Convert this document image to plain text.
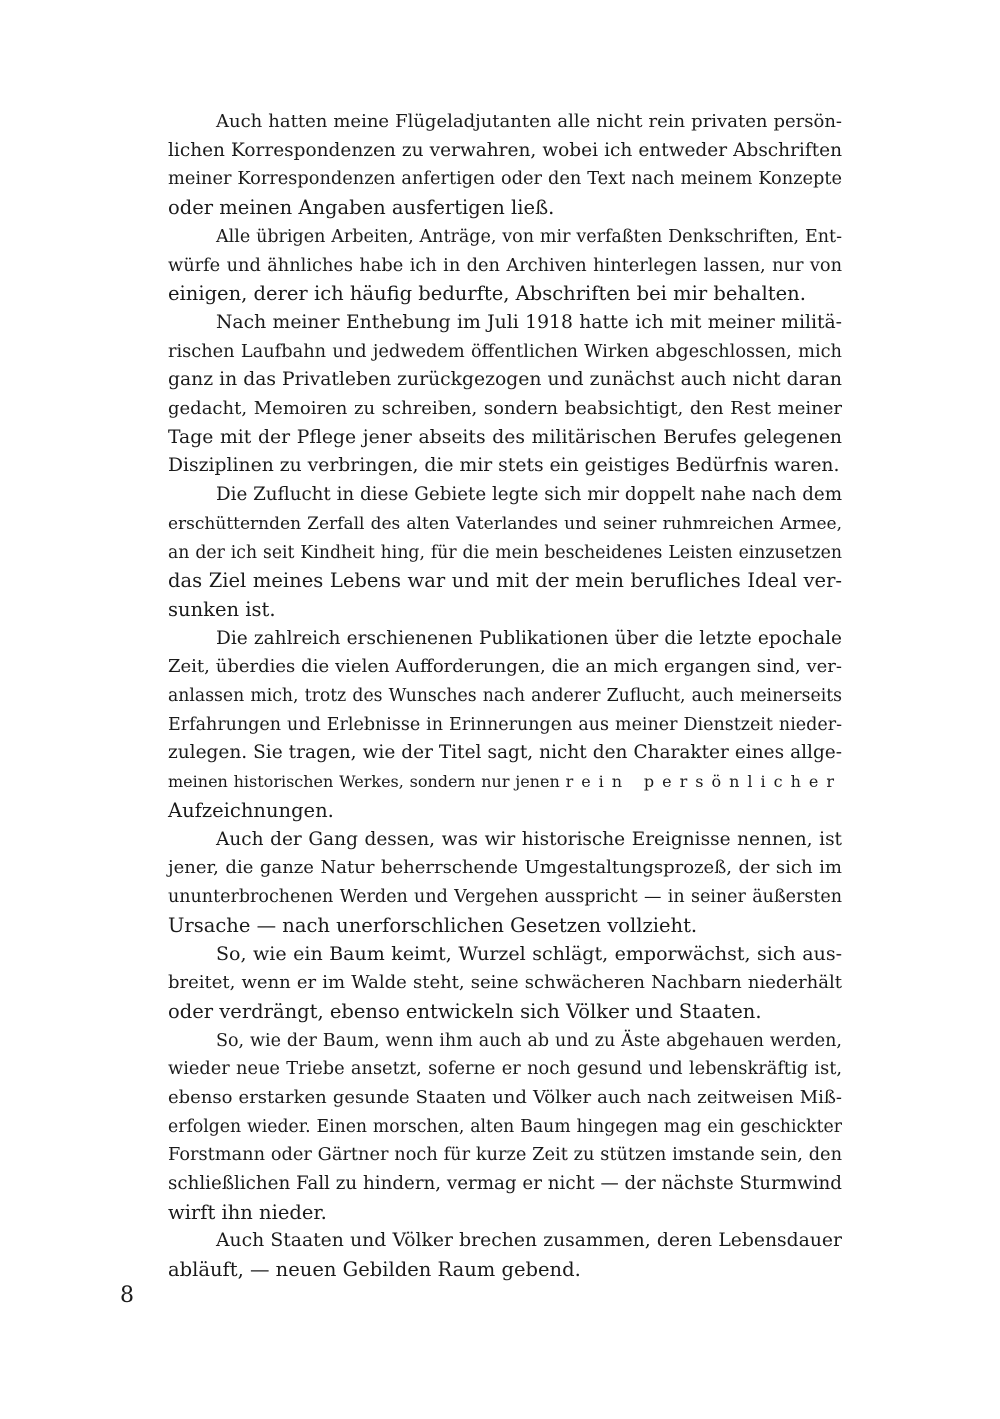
Auch hatten meine Flügeladjutanten alle nicht rein privaten persön-
lichen Korrespondenzen zu verwahren, wobei ich entweder Abschriften
meiner Korrespondenzen anfertigen oder den Text nach meinem Konzepte
oder meinen Angaben ausfertigen ließ.
Alle übrigen Arbeiten, Anträge, von mir verfaßten Denkschriften, Ent-
würfe und ähnliches habe ich in den Archiven hinterlegen lassen, nur von
einigen, derer ich häufig bedurfte, Abschriften bei mir behalten.
Nach meiner Enthebung im Juli 1918 hatte ich mit meiner militä-
rischen Laufbahn und jedwedem öffentlichen Wirken abgeschlossen, mich
ganz in das Privatleben zurückgezogen und zunächst auch nicht daran
gedacht, Memoiren zu schreiben, sondern beabsichtigt, den Rest meiner
Tage mit der Pflege jener abseits des militärischen Berufes gelegenen
Disziplinen zu verbringen, die mir stets ein geistiges Bedürfnis waren.
Die Zuflucht in diese Gebiete legte sich mir doppelt nahe nach dem
erschütternden Zerfall des alten Vaterlandes und seiner ruhmreichen Armee,
an der ich seit Kindheit hing, für die mein bescheidenes Leisten einzusetzen
das Ziel meines Lebens war und mit der mein berufliches Ideal ver-
sunken ist.
Die zahlreich erschienenen Publikationen über die letzte epochale
Zeit, überdies die vielen Aufforderungen, die an mich ergangen sind, ver-
anlassen mich, trotz des Wunsches nach anderer Zuflucht, auch meinerseits
Erfahrungen und Erlebnisse in Erinnerungen aus meiner Dienstzeit nieder-
zulegen. Sie tragen, wie der Titel sagt, nicht den Charakter eines allge-
meinen historischen Werkes, sondern nur jenen rein persönlicher
Aufzeichnungen.
Auch der Gang dessen, was wir historische Ereignisse nennen, ist
jener, die ganze Natur beherrschende Umgestaltungsprozeß, der sich im
ununterbrochenen Werden und Vergehen ausspricht — in seiner äußersten
Ursache — nach unerforschlichen Gesetzen vollzieht.
So, wie ein Baum keimt, Wurzel schlägt, emporwächst, sich aus-
breitet, wenn er im Walde steht, seine schwächeren Nachbarn niederhält
oder verdrängt, ebenso entwickeln sich Völker und Staaten.
So, wie der Baum, wenn ihm auch ab und zu Äste abgehauen werden,
wieder neue Triebe ansetzt, soferne er noch gesund und lebenskräftig ist,
ebenso erstarken gesunde Staaten und Völker auch nach zeitweisen Miß-
erfolgen wieder. Einen morschen, alten Baum hingegen mag ein geschickter
Forstmann oder Gärtner noch für kurze Zeit zu stützen imstande sein, den
schließlichen Fall zu hindern, vermag er nicht — der nächste Sturmwind
wirft ihn nieder.
Auch Staaten und Völker brechen zusammen, deren Lebensdauer
abläuft, — neuen Gebilden Raum gebend.
8
